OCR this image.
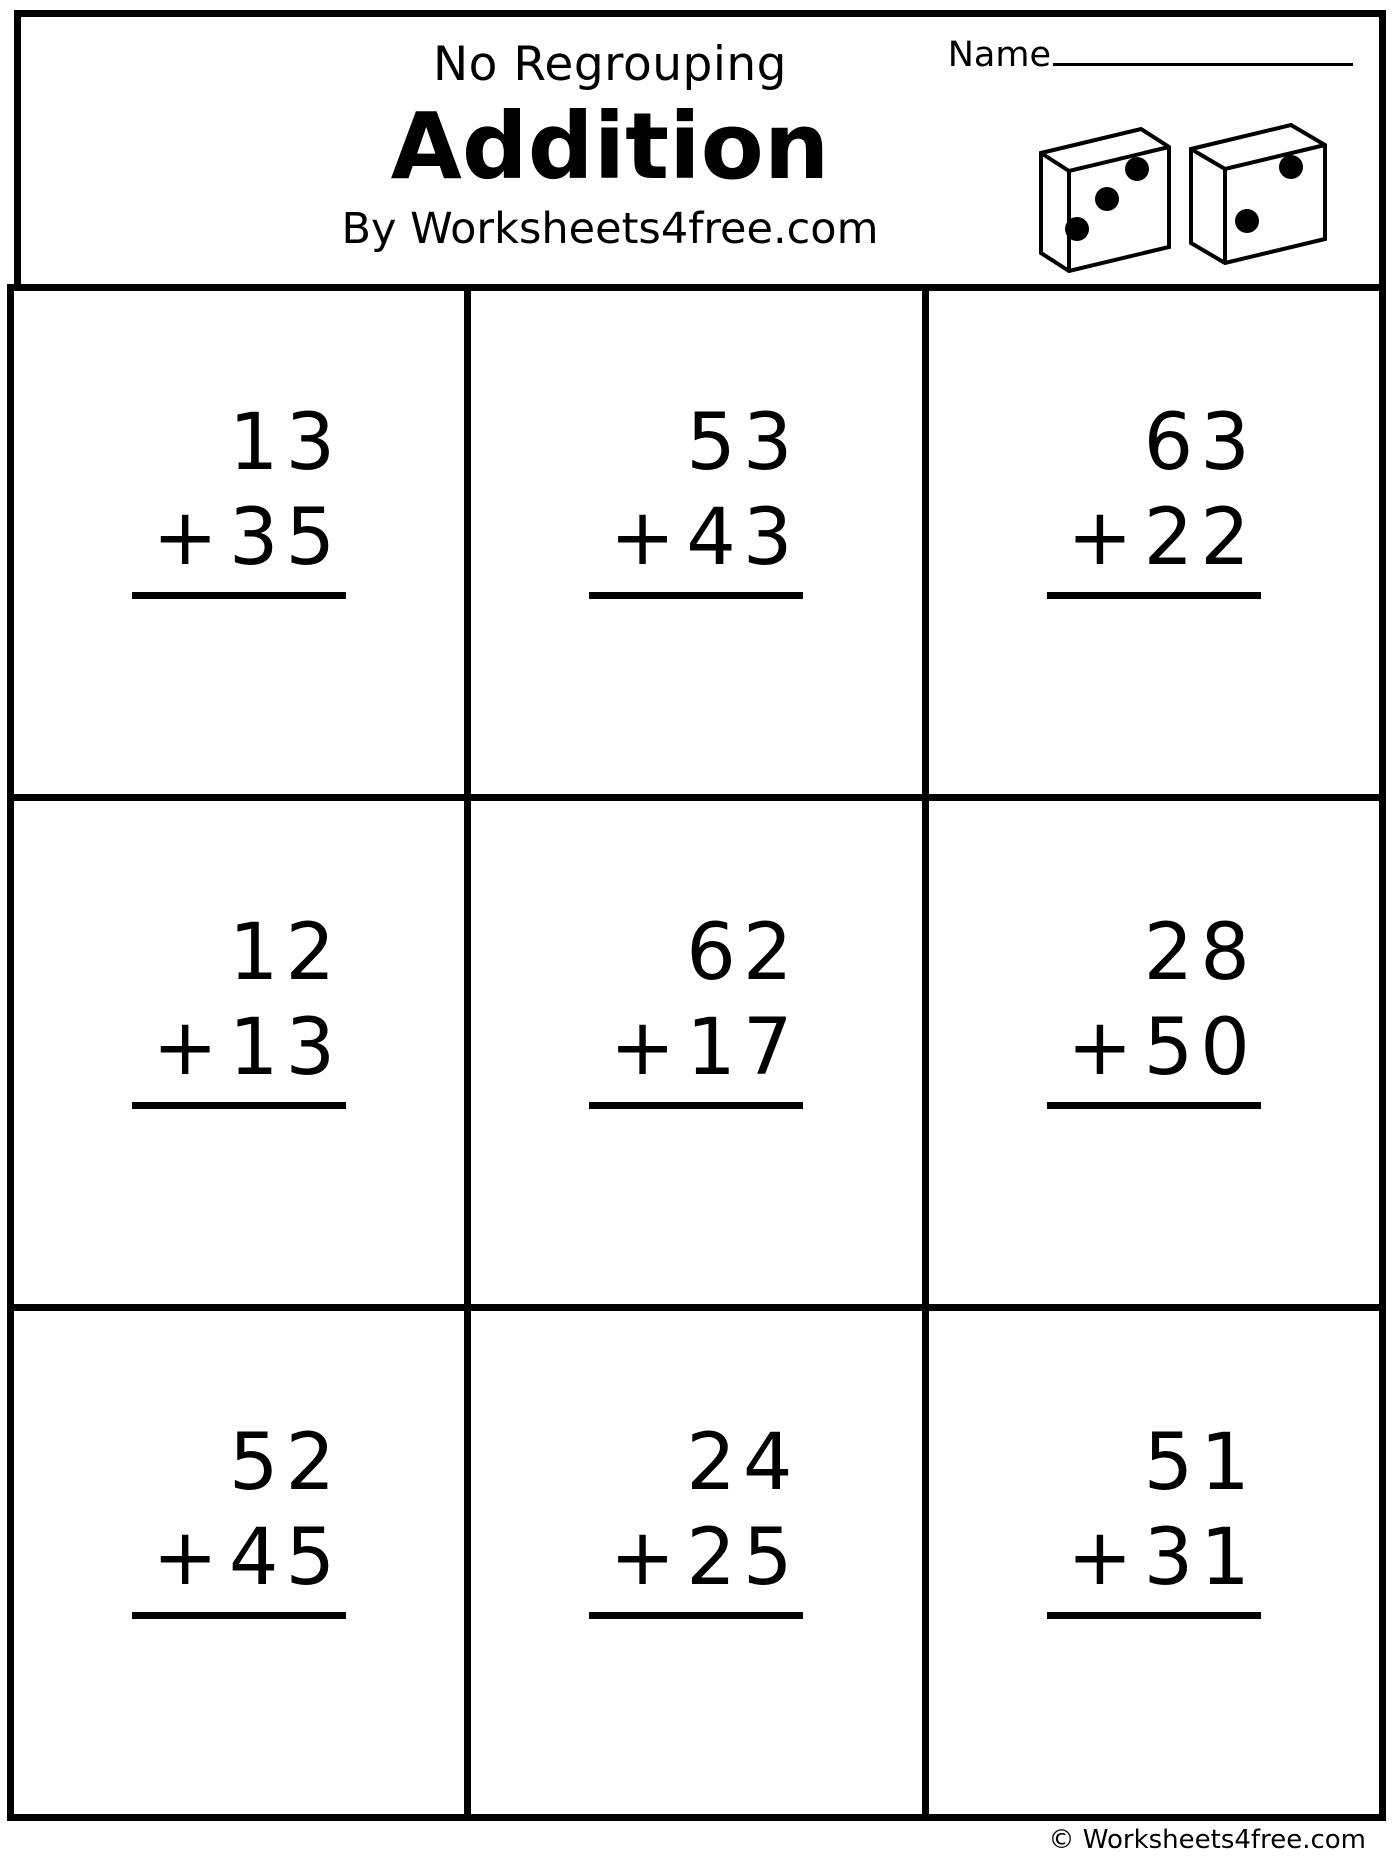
Name
No Regrouping
Addition
By Worksheets4free.com
13
+35
53
+43
63
+22
12
+13
62
+17
28
+50
52
+45
24
+25
51
+31
© Worksheets4free.com
